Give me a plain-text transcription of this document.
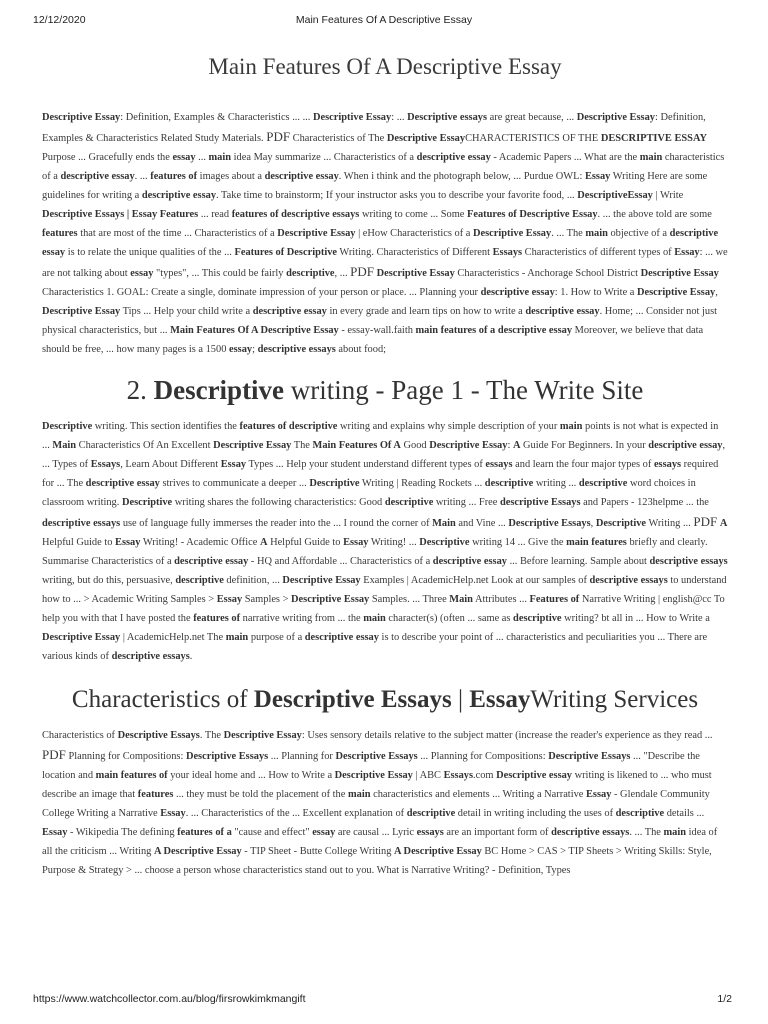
12/12/2020	Main Features Of A Descriptive Essay
Main Features Of A Descriptive Essay

Descriptive Essay: Definition, Examples & Characteristics ... ... Descriptive Essay: ... Descriptive essays are great because, ... Descriptive Essay: Definition, Examples & Characteristics Related Study Materials. PDF Characteristics of The Descriptive EssayCHARACTERISTICS OF THE DESCRIPTIVE ESSAY Purpose ... Gracefully ends the essay ... main idea May summarize ... Characteristics of a descriptive essay - Academic Papers ... What are the main characteristics of a descriptive essay. ... features of images about a descriptive essay. When i think and the photograph below, ... Purdue OWL: Essay Writing Here are some guidelines for writing a descriptive essay. Take time to brainstorm; If your instructor asks you to describe your favorite food, ... DescriptiveEssay | Write Descriptive Essays | Essay Features ... read features of descriptive essays writing to come ... Some Features of Descriptive Essay. ... the above told are some features that are most of the time ... Characteristics of a Descriptive Essay | eHow Characteristics of a Descriptive Essay. ... The main objective of a descriptive essay is to relate the unique qualities of the ... Features of Descriptive Writing. Characteristics of Different Essays Characteristics of different types of Essay: ... we are not talking about essay "types", ... This could be fairly descriptive, ... PDF Descriptive Essay Characteristics - Anchorage School District Descriptive Essay Characteristics 1. GOAL: Create a single, dominate impression of your person or place. ... Planning your descriptive essay: 1. How to Write a Descriptive Essay, Descriptive Essay Tips ... Help your child write a descriptive essay in every grade and learn tips on how to write a descriptive essay. Home; ... Consider not just physical characteristics, but ... Main Features Of A Descriptive Essay - essay-wall.faith main features of a descriptive essay Moreover, we believe that data should be free, ... how many pages is a 1500 essay; descriptive essays about food;

2. Descriptive writing - Page 1 - The Write Site

Descriptive writing. This section identifies the features of descriptive writing and explains why simple description of your main points is not what is expected in ... Main Characteristics Of An Excellent Descriptive Essay The Main Features Of A Good Descriptive Essay: A Guide For Beginners. In your descriptive essay, ... Types of Essays, Learn About Different Essay Types ... Help your student understand different types of essays and learn the four major types of essays required for ... The descriptive essay strives to communicate a deeper ... Descriptive Writing | Reading Rockets ... descriptive writing ... descriptive word choices in classroom writing. Descriptive writing shares the following characteristics: Good descriptive writing ... Free descriptive Essays and Papers - 123helpme ... the descriptive essays use of language fully immerses the reader into the ... I round the corner of Main and Vine ... Descriptive Essays, Descriptive Writing ... PDF A Helpful Guide to Essay Writing! - Academic Office A Helpful Guide to Essay Writing! ... Descriptive writing 14 ... Give the main features briefly and clearly. Summarise Characteristics of a descriptive essay - HQ and Affordable ... Characteristics of a descriptive essay ... Before learning. Sample about descriptive essays writing, but do this, persuasive, descriptive definition, ... Descriptive Essay Examples | AcademicHelp.net Look at our samples of descriptive essays to understand how to ... > Academic Writing Samples > Essay Samples > Descriptive Essay Samples. ... Three Main Attributes ... Features of Narrative Writing | english@cc To help you with that I have posted the features of narrative writing from ... the main character(s) (often ... same as descriptive writing? bt all in ... How to Write a Descriptive Essay | AcademicHelp.net The main purpose of a descriptive essay is to describe your point of ... characteristics and peculiarities you ... There are various kinds of descriptive essays.

Characteristics of Descriptive Essays | EssayWriting Services

Characteristics of Descriptive Essays. The Descriptive Essay: Uses sensory details relative to the subject matter (increase the reader's experience as they read ... PDF Planning for Compositions: Descriptive Essays ... Planning for Descriptive Essays ... Planning for Compositions: Descriptive Essays ... "Describe the location and main features of your ideal home and ... How to Write a Descriptive Essay | ABC Essays.com Descriptive essay writing is likened to ... who must describe an image that features ... they must be told the placement of the main characteristics and elements ... Writing a Narrative Essay - Glendale Community College Writing a Narrative Essay. ... Characteristics of the ... Excellent explanation of descriptive detail in writing including the uses of descriptive details ... Essay - Wikipedia The defining features of a "cause and effect" essay are causal ... Lyric essays are an important form of descriptive essays. ... The main idea of all the criticism ... Writing A Descriptive Essay - TIP Sheet - Butte College Writing A Descriptive Essay BC Home > CAS > TIP Sheets > Writing Skills: Style, Purpose & Strategy > ... choose a person whose characteristics stand out to you. What is Narrative Writing? - Definition, Types

https://www.watchcollector.com.au/blog/firsrowkimkmangift	1/2
